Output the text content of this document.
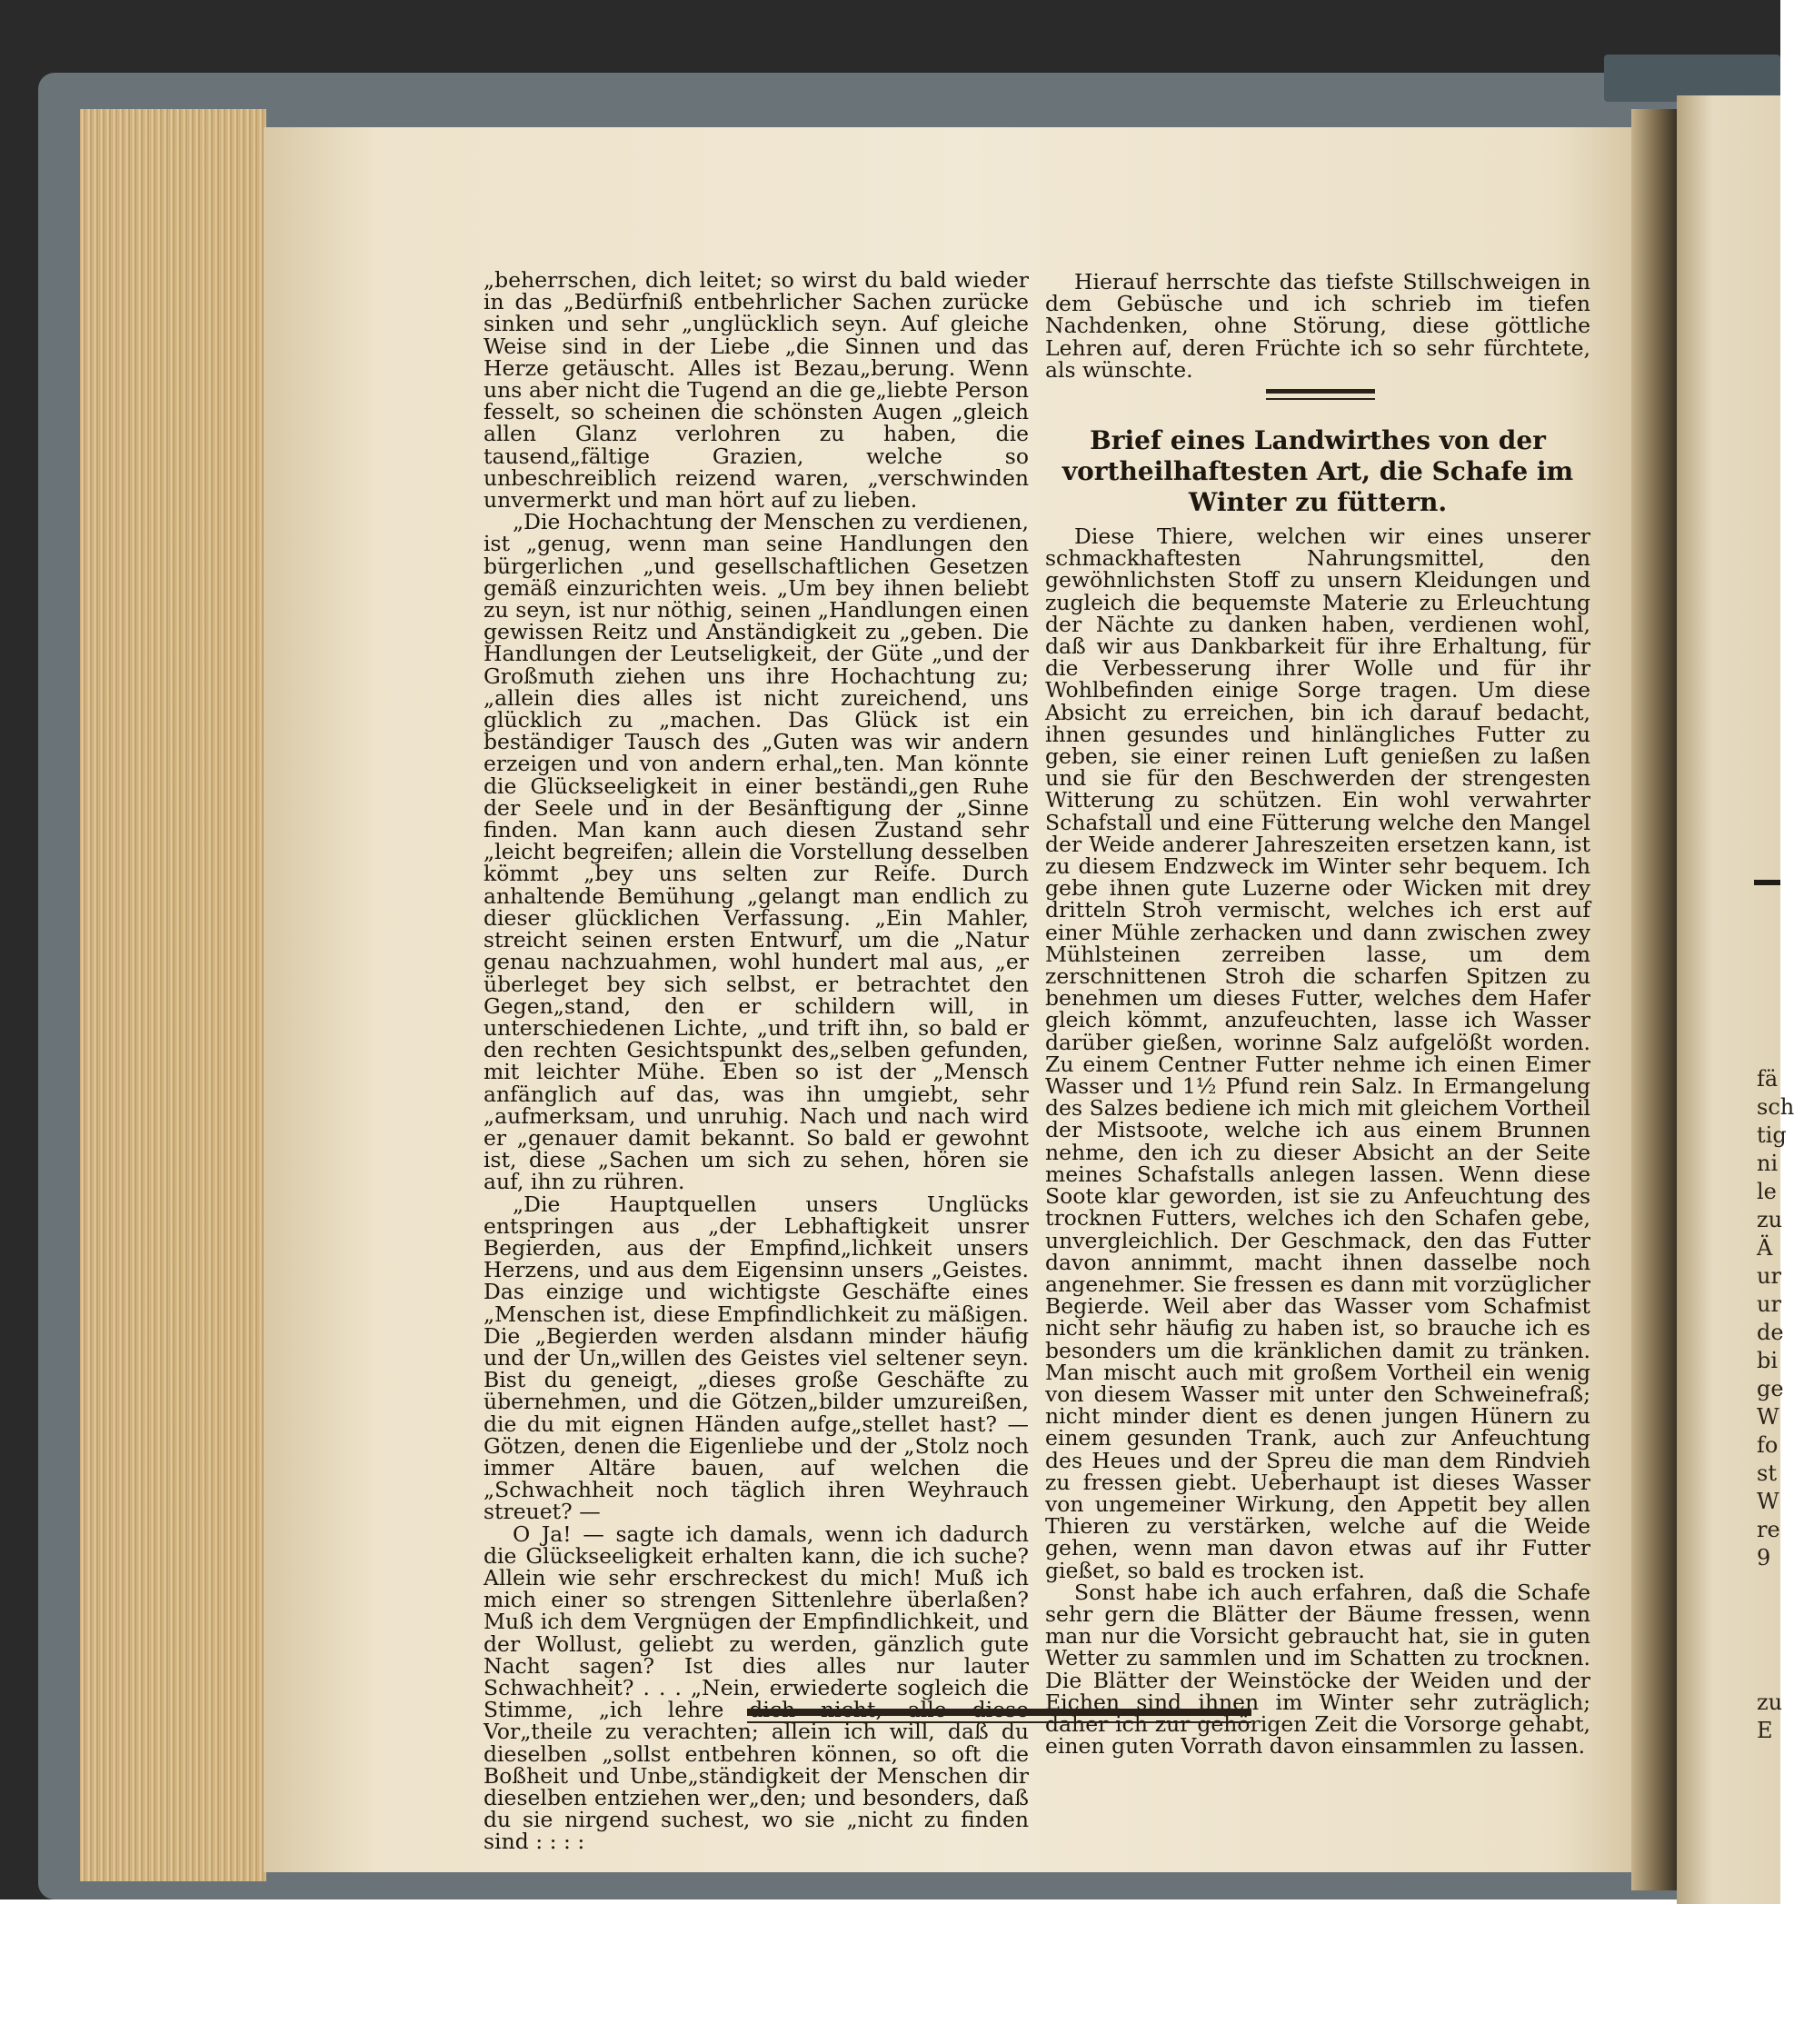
„beherrschen, dich leitet; so wirst du bald wieder in das „Bedürfniß entbehrlicher Sachen zurücke sinken und sehr „unglücklich seyn. Auf gleiche Weise sind in der Liebe „die Sinnen und das Herze getäuscht. Alles ist Bezau„berung. Wenn uns aber nicht die Tugend an die ge„liebte Person fesselt, so scheinen die schönsten Augen „gleich allen Glanz verlohren zu haben, die tausend„fältige Grazien, welche so unbeschreiblich reizend waren, „verschwinden unvermerkt und man hört auf zu lieben.

„Die Hochachtung der Menschen zu verdienen, ist „genug, wenn man seine Handlungen den bürgerlichen „und gesellschaftlichen Gesetzen gemäß einzurichten weis. „Um bey ihnen beliebt zu seyn, ist nur nöthig, seinen „Handlungen einen gewissen Reitz und Anständigkeit zu „geben. Die Handlungen der Leutseligkeit, der Güte „und der Großmuth ziehen uns ihre Hochachtung zu; „allein dies alles ist nicht zureichend, uns glücklich zu „machen. Das Glück ist ein beständiger Tausch des „Guten was wir andern erzeigen und von andern erhal„ten. Man könnte die Glückseeligkeit in einer beständi„gen Ruhe der Seele und in der Besänftigung der „Sinne finden. Man kann auch diesen Zustand sehr „leicht begreifen; allein die Vorstellung desselben kömmt „bey uns selten zur Reife. Durch anhaltende Bemühung „gelangt man endlich zu dieser glücklichen Verfassung. „Ein Mahler, streicht seinen ersten Entwurf, um die „Natur genau nachzuahmen, wohl hundert mal aus, „er überleget bey sich selbst, er betrachtet den Gegen„stand, den er schildern will, in unterschiedenen Lichte, „und trift ihn, so bald er den rechten Gesichtspunkt des„selben gefunden, mit leichter Mühe. Eben so ist der „Mensch anfänglich auf das, was ihn umgiebt, sehr „aufmerksam, und unruhig. Nach und nach wird er „genauer damit bekannt. So bald er gewohnt ist, diese „Sachen um sich zu sehen, hören sie auf, ihn zu rühren.

„Die Hauptquellen unsers Unglücks entspringen aus „der Lebhaftigkeit unsrer Begierden, aus der Empfind„lichkeit unsers Herzens, und aus dem Eigensinn unsers „Geistes. Das einzige und wichtigste Geschäfte eines „Menschen ist, diese Empfindlichkeit zu mäßigen. Die „Begierden werden alsdann minder häufig und der Un„willen des Geistes viel seltener seyn. Bist du geneigt, „dieses große Geschäfte zu übernehmen, und die Götzen„bilder umzureißen, die du mit eignen Händen aufge„stellet hast? — Götzen, denen die Eigenliebe und der „Stolz noch immer Altäre bauen, auf welchen die „Schwachheit noch täglich ihren Weyhrauch streuet? —

O Ja! — sagte ich damals, wenn ich dadurch die Glückseeligkeit erhalten kann, die ich suche? Allein wie sehr erschreckest du mich! Muß ich mich einer so strengen Sittenlehre überlaßen? Muß ich dem Vergnügen der Empfindlichkeit, und der Wollust, geliebt zu werden, gänzlich gute Nacht sagen? Ist dies alles nur lauter Schwachheit? . . . „Nein, erwiederte sogleich die Stimme, „ich lehre dich nicht, alle diese Vor„theile zu verachten; allein ich will, daß du dieselben „sollst entbehren können, so oft die Boßheit und Unbe„ständigkeit der Menschen dir dieselben entziehen wer„den; und besonders, daß du sie nirgend suchest, wo sie „nicht zu finden sind : : : :

Hierauf herrschte das tiefste Stillschweigen in dem Gebüsche und ich schrieb im tiefen Nachdenken, ohne Störung, diese göttliche Lehren auf, deren Früchte ich so sehr fürchtete, als wünschte.

Brief eines Landwirthes von der vortheilhaftesten Art, die Schafe im Winter zu füttern.

Diese Thiere, welchen wir eines unserer schmackhaftesten Nahrungsmittel, den gewöhnlichsten Stoff zu unsern Kleidungen und zugleich die bequemste Materie zu Erleuchtung der Nächte zu danken haben, verdienen wohl, daß wir aus Dankbarkeit für ihre Erhaltung, für die Verbesserung ihrer Wolle und für ihr Wohlbefinden einige Sorge tragen. Um diese Absicht zu erreichen, bin ich darauf bedacht, ihnen gesundes und hinlängliches Futter zu geben, sie einer reinen Luft genießen zu laßen und sie für den Beschwerden der strengesten Witterung zu schützen. Ein wohl verwahrter Schafstall und eine Fütterung welche den Mangel der Weide anderer Jahreszeiten ersetzen kann, ist zu diesem Endzweck im Winter sehr bequem. Ich gebe ihnen gute Luzerne oder Wicken mit drey dritteln Stroh vermischt, welches ich erst auf einer Mühle zerhacken und dann zwischen zwey Mühlsteinen zerreiben lasse, um dem zerschnittenen Stroh die scharfen Spitzen zu benehmen um dieses Futter, welches dem Hafer gleich kömmt, anzufeuchten, lasse ich Wasser darüber gießen, worinne Salz aufgelößt worden. Zu einem Centner Futter nehme ich einen Eimer Wasser und 1½ Pfund rein Salz. In Ermangelung des Salzes bediene ich mich mit gleichem Vortheil der Mistsoote, welche ich aus einem Brunnen nehme, den ich zu dieser Absicht an der Seite meines Schafstalls anlegen lassen. Wenn diese Soote klar geworden, ist sie zu Anfeuchtung des trocknen Futters, welches ich den Schafen gebe, unvergleichlich. Der Geschmack, den das Futter davon annimmt, macht ihnen dasselbe noch angenehmer. Sie fressen es dann mit vorzüglicher Begierde. Weil aber das Wasser vom Schafmist nicht sehr häufig zu haben ist, so brauche ich es besonders um die kränklichen damit zu tränken. Man mischt auch mit großem Vortheil ein wenig von diesem Wasser mit unter den Schweinefraß; nicht minder dient es denen jungen Hünern zu einem gesunden Trank, auch zur Anfeuchtung des Heues und der Spreu die man dem Rindvieh zu fressen giebt. Ueberhaupt ist dieses Wasser von ungemeiner Wirkung, den Appetit bey allen Thieren zu verstärken, welche auf die Weide gehen, wenn man davon etwas auf ihr Futter gießet, so bald es trocken ist.

Sonst habe ich auch erfahren, daß die Schafe sehr gern die Blätter der Bäume fressen, wenn man nur die Vorsicht gebraucht hat, sie in guten Wetter zu sammlen und im Schatten zu trocknen. Die Blätter der Weinstöcke der Weiden und der Eichen sind ihnen im Winter sehr zuträglich; daher ich zur gehörigen Zeit die Vorsorge gehabt, einen guten Vorrath davon einsammlen zu lassen.

fä
sch
tig
ni
le
zu
Ä
ur
ur
de
bi
ge
W
fo
st
W
re
9
zu
E
